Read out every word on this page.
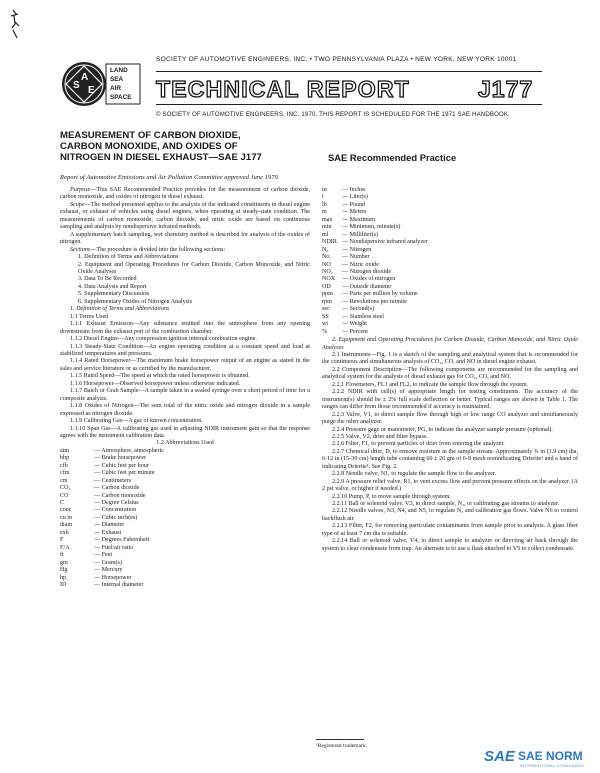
SOCIETY OF AUTOMOTIVE ENGINEERS, INC. • TWO PENNSYLVANIA PLAZA • NEW YORK, NEW YORK 10001
S
A
E
LAND
SEA
AIR
SPACE TECHNICAL REPORT	J177
© SOCIETY OF AUTOMOTIVE ENGINEERS, INC. 1970. THIS REPORT IS SCHEDULED FOR THE 1971 SAE HANDBOOK.
MEASUREMENT OF CARBON DIOXIDE,
CARBON MONOXIDE, AND OXIDES OF
NITROGEN IN DIESEL EXHAUST—SAE J177	SAE Recommended Practice
Report of Automotive Emissions and Air Pollution Committee approved June 1970.

Purpose—This SAE Recommended Practice provides for the measurement of carbon dioxide, carbon monoxide, and oxides of nitrogen in diesel exhaust.

Scope—The method presented applies to the analysis of the indicated constituents in diesel engine exhaust, or exhaust of vehicles using diesel engines, when operating at steady-state condition. The measurements of carbon monoxide, carbon dioxide, and nitric oxide are based on continuous sampling and analysis by nondispersive infrared methods.

A supplementary batch sampling, wet chemistry method is described for analysis of the oxides of nitrogen.

Sections—The procedure is divided into the following sections:

1. Definition of Terms and Abbreviations

2. Equipment and Operating Procedures for Carbon Dioxide, Carbon Monoxide, and Nitric Oxide Analyses

3. Data To Be Recorded

4. Data Analysis and Report

5. Supplementary Discussion

6. Supplementary Oxides of Nitrogen Analysis

1. Definition of Terms and Abbreviations

1.1 Terms Used

1.1.1 Exhaust Emission—Any substance emitted into the atmosphere from any opening downstream from the exhaust port of the combustion chamber.

1.1.2 Diesel Engine—Any compression ignition internal combustion engine.

1.1.3 Steady-State Condition—An engine operating condition at a constant speed and load at stabilized temperatures and pressures.

1.1.4 Rated Horsepower—The maximum brake horsepower output of an engine as stated in the sales and service literature or as certified by the manufacturer.

1.1.5 Rated Speed—The speed at which the rated horsepower is obtained.

1.1.6 Horsepower—Observed horsepower unless otherwise indicated.

1.1.7 Batch or Grab Sample—A sample taken in a sealed syringe over a short period of time for a composite analysis.

1.1.8 Oxides of Nitrogen—The sum total of the nitric oxide and nitrogen dioxide in a sample expressed as nitrogen dioxide.

1.1.9 Calibrating Gas—A gas of known concentration.

1.1.10 Span Gas—A calibrating gas used in adjusting NDIR instrument gain so that the response agrees with the instrument calibration data.

1.2 Abbreviations Used

atm	— Atmosphere, atmospheric
bhp	— Brake horsepower
cfh	— Cubic feet per hour
cfm	— Cubic feet per minute
cm	— Centimeters
CO₂	— Carbon dioxide
CO	— Carbon monoxide
C	— Degree Celsius
conc	— Concentration
cu in	— Cubic inch(es)
diam	— Diameter
exh	— Exhaust
F	— Degrees Fahrenheit
F/A	— Fuel/air ratio
ft	— Feet
gm	— Gram(s)
Hg	— Mercury
hp	— Horsepower
ID	— Internal diameter
in	— Inches
l	— Liter(s)
lb	— Pound
m	— Meters
max	— Maximum
min	— Minimum, minute(s)
ml	— Milliliter(s)
NDIR — Nondispersive infrared analyzer
N₂	— Nitrogen
No.	— Number
NO	— Nitric oxide
NO₂	— Nitrogen dioxide
NOX	— Oxides of nitrogen
OD	— Outside diameter
ppm	— Parts per million by volume
rpm	— Revolutions per minute
sec	— Second(s)
SS	— Stainless steel
wt	— Weight
%	— Percent

2. Equipment and Operating Procedures for Carbon Dioxide, Carbon Monoxide, and Nitric Oxide Analyses

2.1 Instruments—Fig. 1 is a sketch of the sampling and analytical system that is recommended for the continuous and simultaneous analysis of CO₂, CO, and NO in diesel engine exhaust.

2.2 Component Description—The following components are recommended for the sampling and analytical system for the analysis of diesel exhaust gas for CO₂, CO, and NO.

2.2.1 Flowmeters, FL1 and FL2, to indicate the sample flow through the system.

2.2.2 NDIR with cell(s) of appropriate length for testing constituents. The accuracy of the instrument(s) should be ± 2% full scale deflection or better. Typical ranges are shown in Table 1. The ranges can differ from those recommended if accuracy is maintained.

2.2.3 Valve, V1, to direct sample flow through high or low range CO analyzer and simultaneously purge the other analyzer.

2.2.4 Pressure gage or manometer, PG, to indicate the analyzer sample pressure (optional).

2.2.5 Valve, V2, drier and filter bypass.

2.2.6 Filter, F1, to prevent particles of drier from entering the analyzer.

2.2.7 Chemical drier, D, to remove moisture in the sample stream. Approximately ¾ in (1.9 cm) dia, 6-12 in (15-30 cm) length tube containing 60 ± 20 gm of 6-8 mesh nonindicating Drierite¹ and a band of indicating Drierite¹. See Fig. 2.

2.2.8 Needle valve, N1, to regulate the sample flow to the analyzer.

2.2.9 A pressure relief valve, R1, to vent excess flow and prevent pressure effects on the analyzer. (A 2 psi valve, or higher if needed.)

2.2.10 Pump, P, to move sample through system.

2.2.11 Ball or solenoid valve, V3, to direct sample, N₂, or calibrating gas streams to analyzer.

2.2.12 Needle valves, N3, N4, and N5, to regulate N₂ and calibration gas flows. Valve N6 to control backflush air.

2.2.13 Filter, F2, for removing particulate contaminants from sample prior to analysis. A glass fiber type of at least 7 cm dia is suitable.

2.2.14 Ball or solenoid valve, V4, to direct sample to analyzer or directing air back through the system to clear condensate from trap. An alternate is to use a flask attached to V5 to collect condensate.

¹Registered trademark.
SAE SAE NORM
INTERNATIONAL STANDARDS
